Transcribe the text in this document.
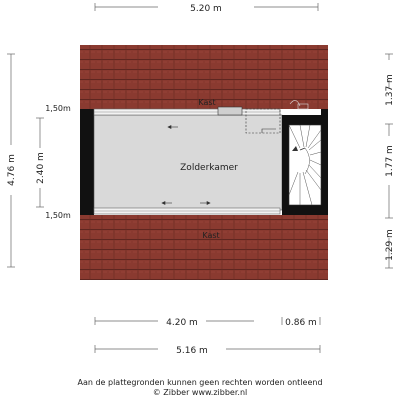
Kast
Zolderkamer
Kast
5.20 m
4.20 m	0.86 m
5.16 m
4.76 m 2.40 m
1,50m
1,50m
1.37 m
1.77 m
1.29 m
Aan de plattegronden kunnen geen rechten worden ontleend
© Zibber www.zibber.nl
